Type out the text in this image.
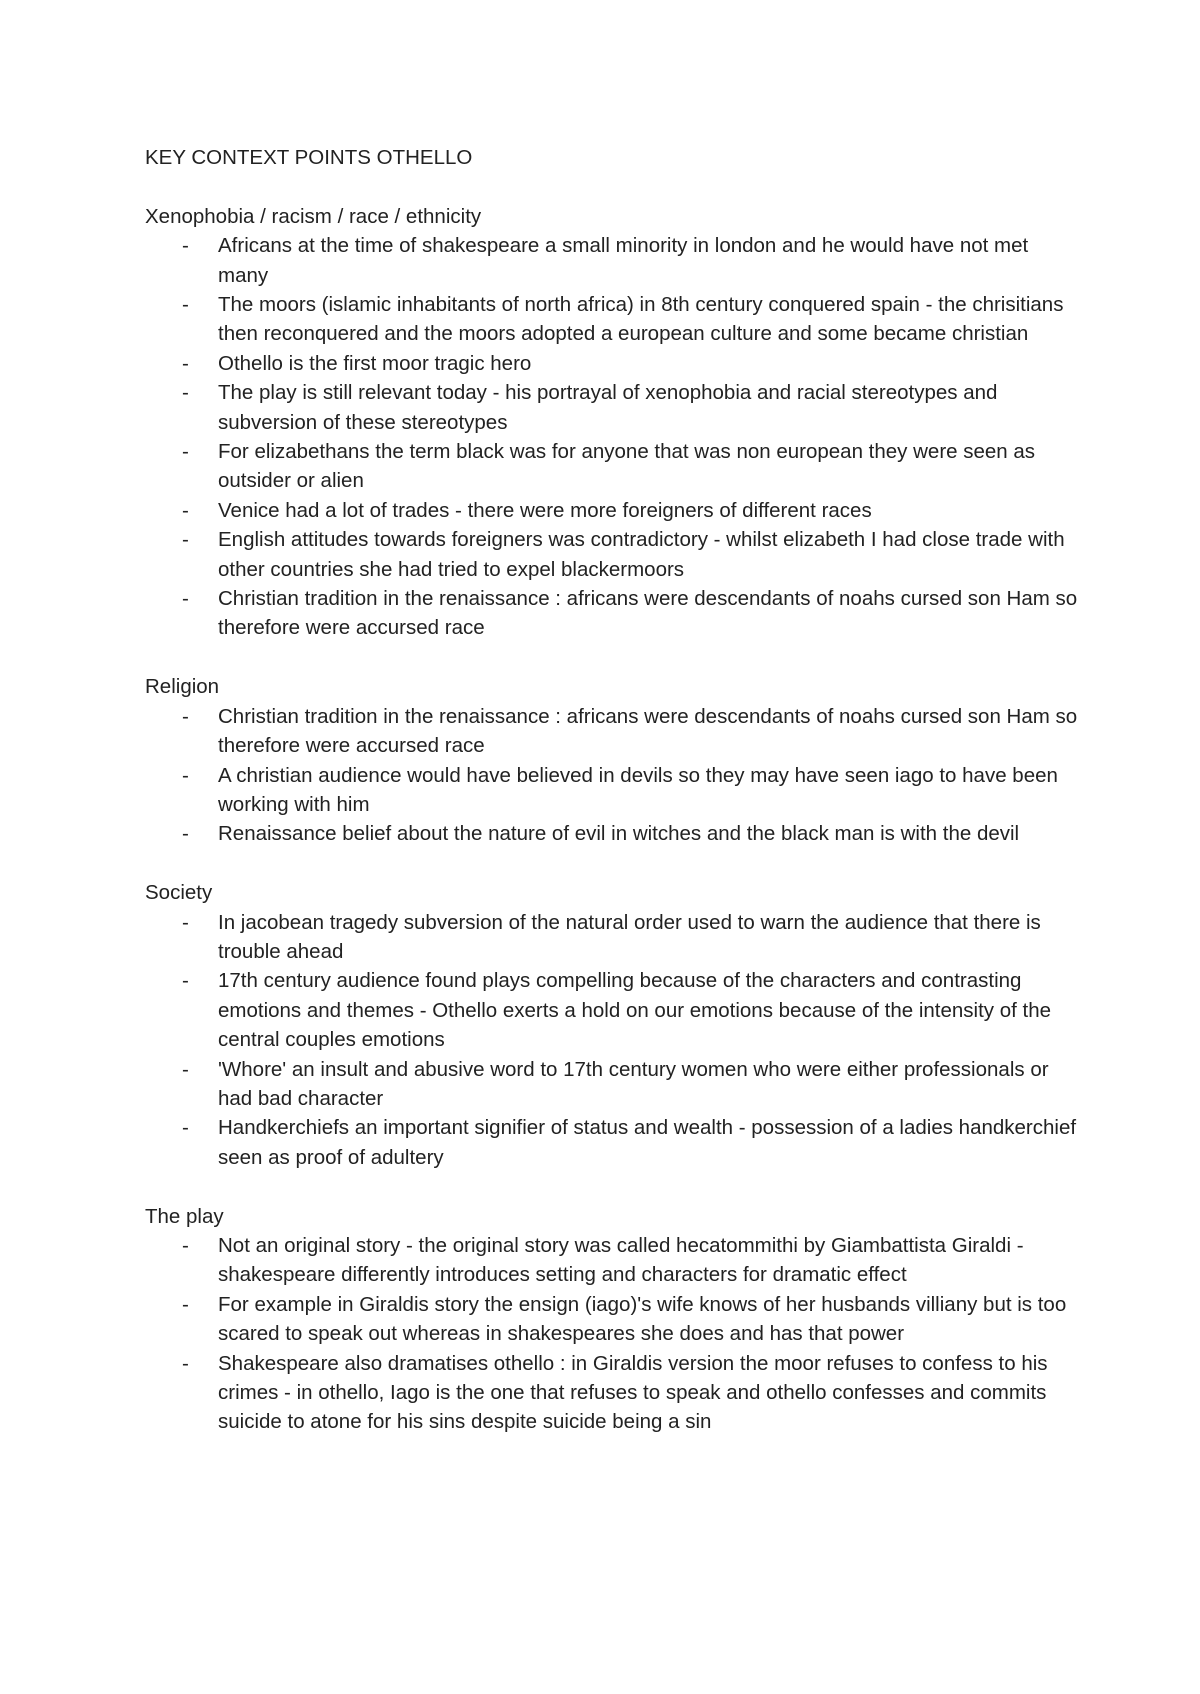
KEY CONTEXT POINTS OTHELLO
Xenophobia / racism / race / ethnicity
- Africans at the time of shakespeare a small minority in london and he would have not met many
- The moors (islamic inhabitants of north africa) in 8th century conquered spain - the chrisitians then reconquered and the moors adopted a european culture and some became christian
- Othello is the first moor tragic hero
- The play is still relevant today - his portrayal of xenophobia and racial stereotypes and subversion of these stereotypes
- For elizabethans the term black was for anyone that was non european they were seen as outsider or alien
- Venice had a lot of trades - there were more foreigners of different races
- English attitudes towards foreigners was contradictory - whilst elizabeth I had close trade with other countries she had tried to expel blackermoors
- Christian tradition in the renaissance : africans were descendants of noahs cursed son Ham so therefore were accursed race
Religion
- Christian tradition in the renaissance : africans were descendants of noahs cursed son Ham so therefore were accursed race
- A christian audience would have believed in devils so they may have seen iago to have been working with him
- Renaissance belief about the nature of evil in witches and the black man is with the devil
Society
- In jacobean tragedy subversion of the natural order used to warn the audience that there is trouble ahead
- 17th century audience found plays compelling because of the characters and contrasting emotions and themes - Othello exerts a hold on our emotions because of the intensity of the central couples emotions
- 'Whore' an insult and abusive word to 17th century women who were either professionals or had bad character
- Handkerchiefs an important signifier of status and wealth - possession of a ladies handkerchief seen as proof of adultery
The play
- Not an original story - the original story was called hecatommithi by Giambattista Giraldi - shakespeare differently introduces setting and characters for dramatic effect
- For example in Giraldis story the ensign (iago)'s wife knows of her husbands villiany but is too scared to speak out whereas in shakespeares she does and has that power
- Shakespeare also dramatises othello : in Giraldis version the moor refuses to confess to his crimes - in othello, Iago is the one that refuses to speak and othello confesses and commits suicide to atone for his sins despite suicide being a sin
